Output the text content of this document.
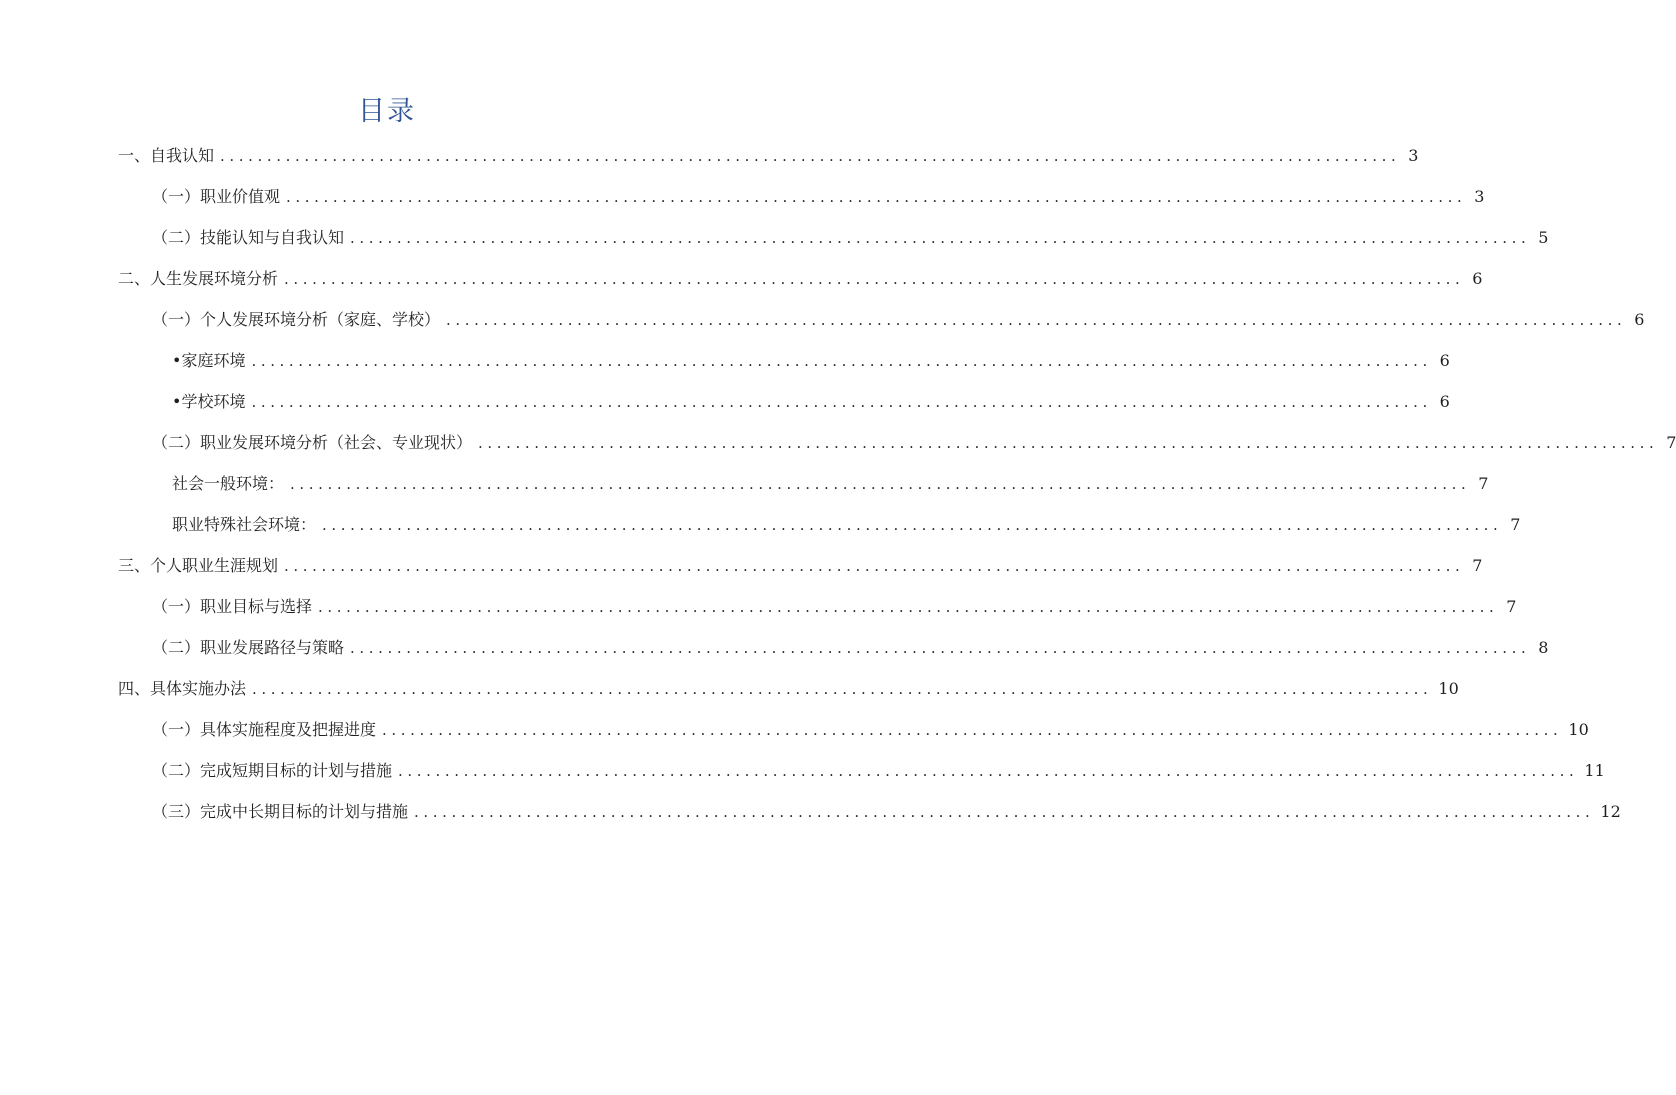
目录
一、自我认知 .............................................................................................................................. 3
（一）职业价值观 .............................................................................................................................. 3
（二）技能认知与自我认知 .............................................................................................................................. 5
二、人生发展环境分析 .............................................................................................................................. 6
（一）个人发展环境分析（家庭、学校） .............................................................................................................................. 6
•家庭环境 .............................................................................................................................. 6
•学校环境 .............................................................................................................................. 6
（二）职业发展环境分析（社会、专业现状） .............................................................................................................................. 7
社会一般环境： .............................................................................................................................. 7
职业特殊社会环境： .............................................................................................................................. 7
三、个人职业生涯规划 .............................................................................................................................. 7
（一）职业目标与选择 .............................................................................................................................. 7
（二）职业发展路径与策略 .............................................................................................................................. 8
四、具体实施办法 .............................................................................................................................. 10
（一）具体实施程度及把握进度 .............................................................................................................................. 10
（二）完成短期目标的计划与措施 .............................................................................................................................. 11
（三）完成中长期目标的计划与措施 .............................................................................................................................. 12
